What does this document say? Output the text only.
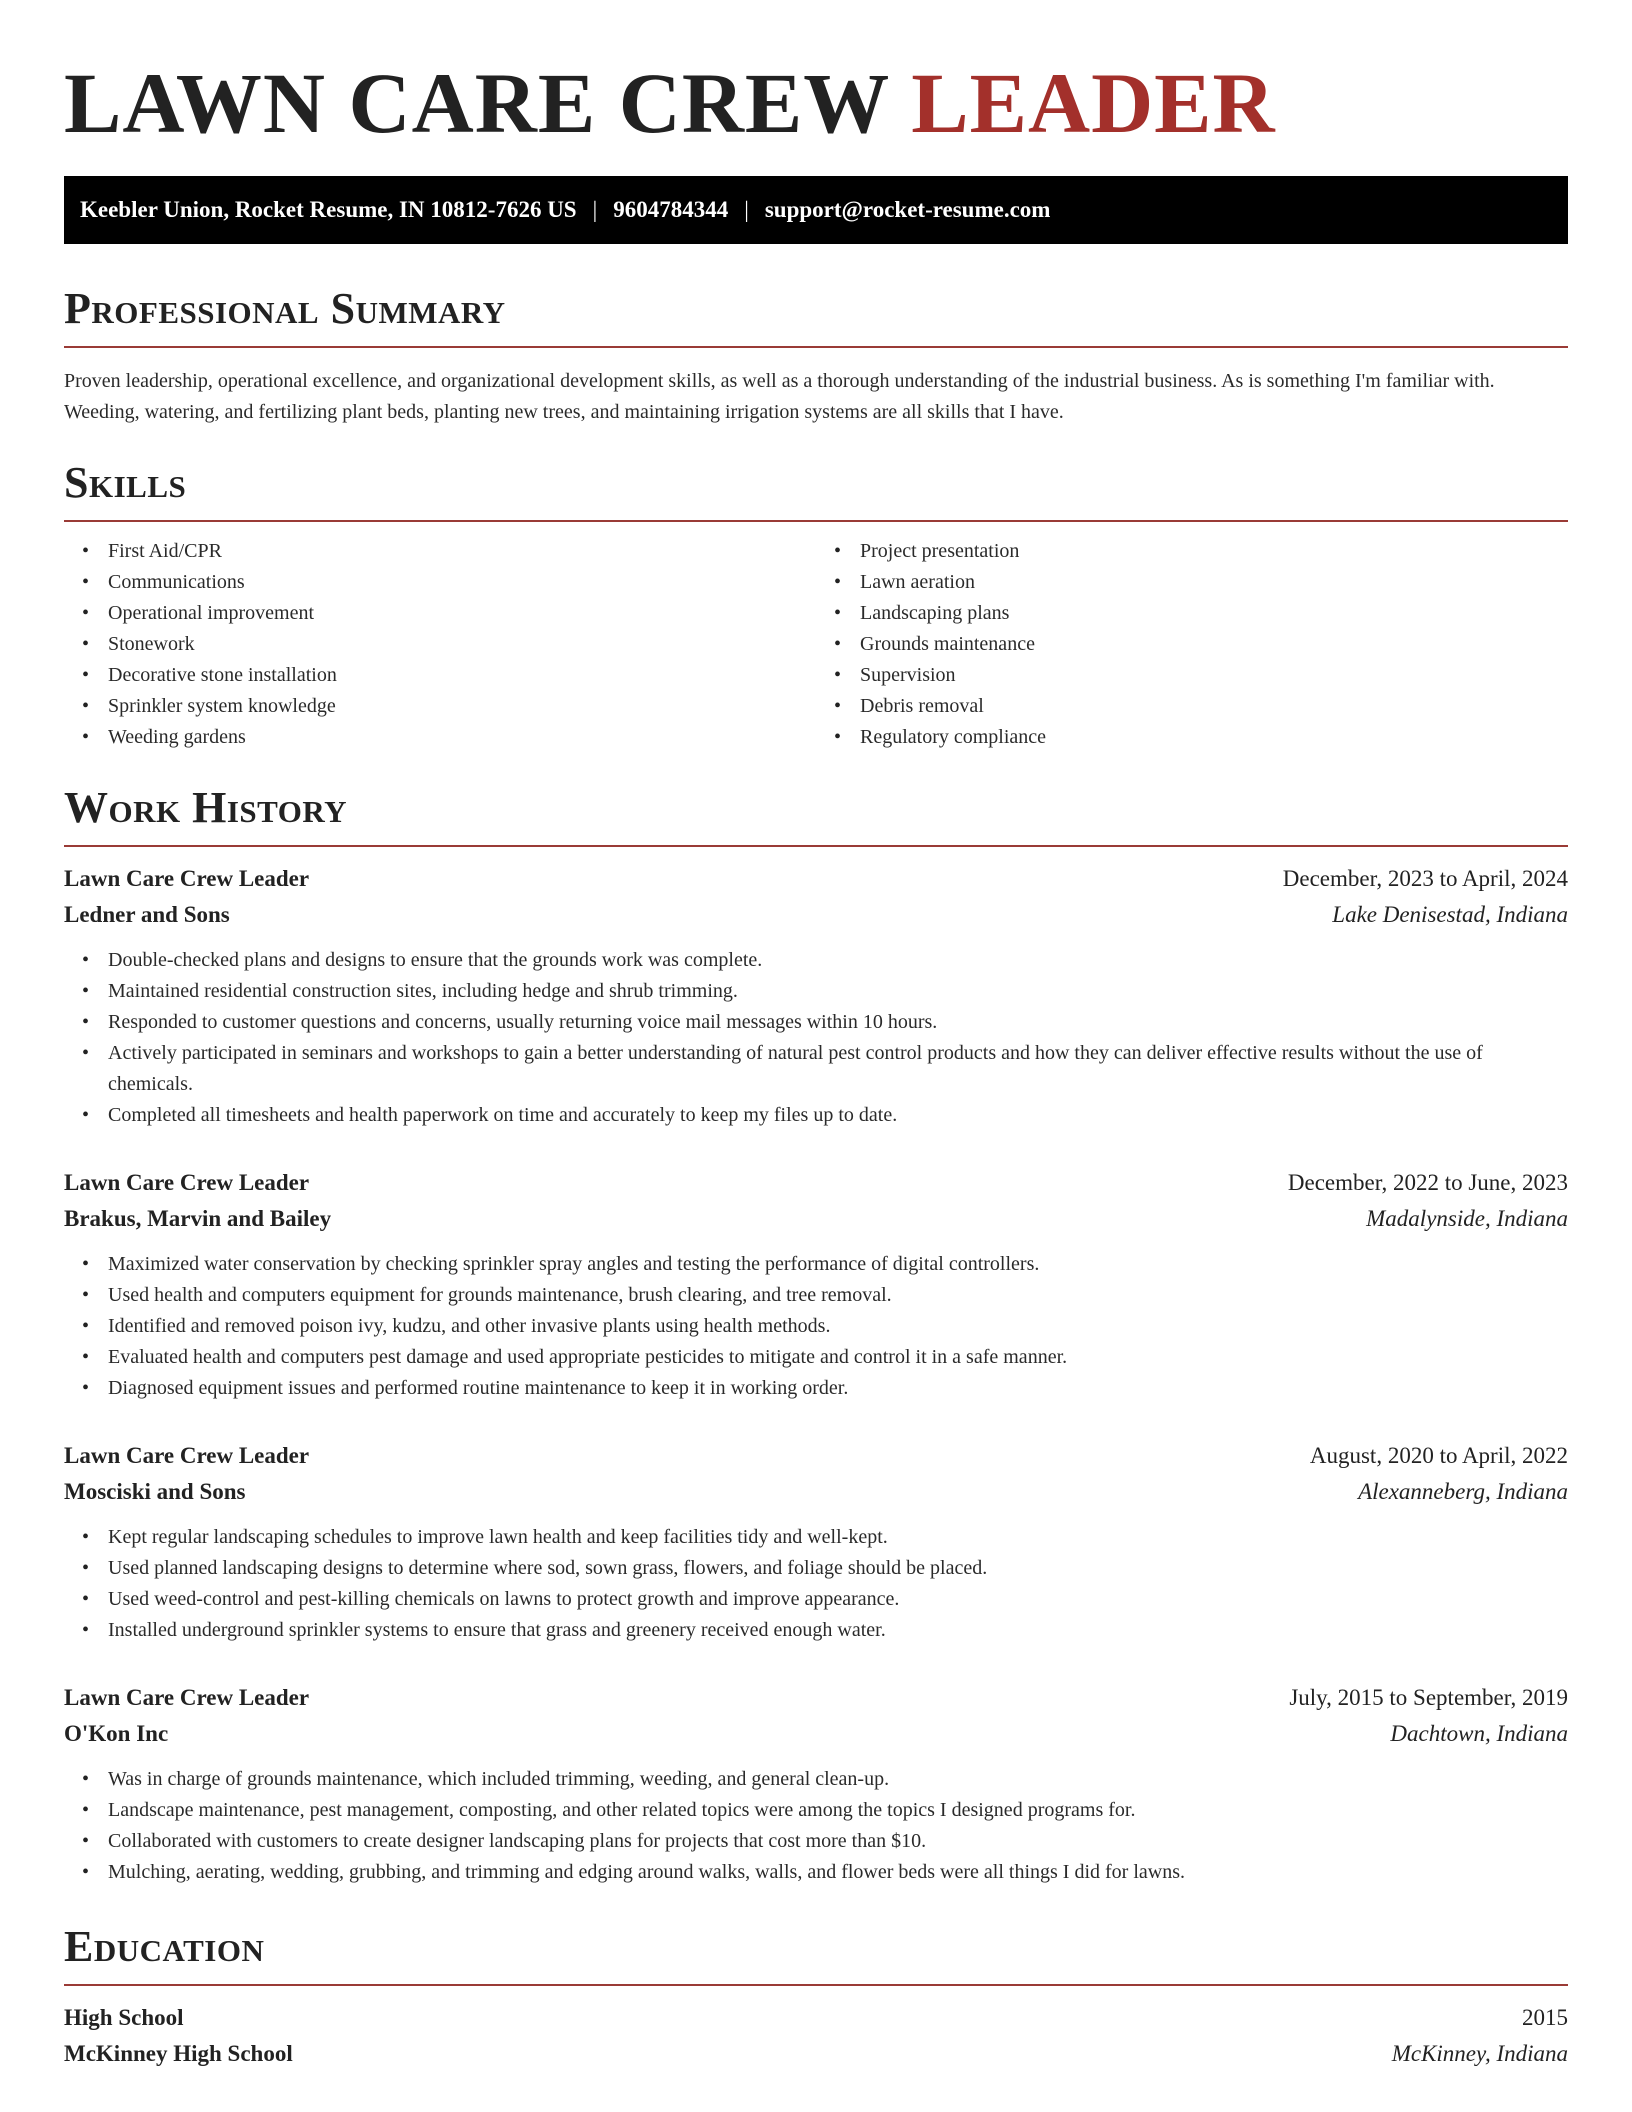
LAWN CARE CREW LEADER
Keebler Union, Rocket Resume, IN 10812-7626 US | 9604784344 | support@rocket-resume.com
Professional Summary

Proven leadership, operational excellence, and organizational development skills, as well as a thorough understanding of the industrial business. As is something I'm familiar with. Weeding, watering, and fertilizing plant beds, planting new trees, and maintaining irrigation systems are all skills that I have.

Skills
• First Aid/CPR
• Communications
• Operational improvement
• Stonework
• Decorative stone installation
• Sprinkler system knowledge
• Weeding gardens
• Project presentation
• Lawn aeration
• Landscaping plans
• Grounds maintenance
• Supervision
• Debris removal
• Regulatory compliance
Work History
Lawn Care Crew Leader	December, 2023 to April, 2024
Ledner and Sons	Lake Denisestad, Indiana
• Double-checked plans and designs to ensure that the grounds work was complete.
• Maintained residential construction sites, including hedge and shrub trimming.
• Responded to customer questions and concerns, usually returning voice mail messages within 10 hours.
• Actively participated in seminars and workshops to gain a better understanding of natural pest control products and how they can deliver effective results without the use of chemicals.
• Completed all timesheets and health paperwork on time and accurately to keep my files up to date.
Lawn Care Crew Leader	December, 2022 to June, 2023
Brakus, Marvin and Bailey	Madalynside, Indiana
• Maximized water conservation by checking sprinkler spray angles and testing the performance of digital controllers.
• Used health and computers equipment for grounds maintenance, brush clearing, and tree removal.
• Identified and removed poison ivy, kudzu, and other invasive plants using health methods.
• Evaluated health and computers pest damage and used appropriate pesticides to mitigate and control it in a safe manner.
• Diagnosed equipment issues and performed routine maintenance to keep it in working order.
Lawn Care Crew Leader	August, 2020 to April, 2022
Mosciski and Sons	Alexanneberg, Indiana
• Kept regular landscaping schedules to improve lawn health and keep facilities tidy and well-kept.
• Used planned landscaping designs to determine where sod, sown grass, flowers, and foliage should be placed.
• Used weed-control and pest-killing chemicals on lawns to protect growth and improve appearance.
• Installed underground sprinkler systems to ensure that grass and greenery received enough water.
Lawn Care Crew Leader	July, 2015 to September, 2019
O'Kon Inc	Dachtown, Indiana
• Was in charge of grounds maintenance, which included trimming, weeding, and general clean-up.
• Landscape maintenance, pest management, composting, and other related topics were among the topics I designed programs for.
• Collaborated with customers to create designer landscaping plans for projects that cost more than $10.
• Mulching, aerating, wedding, grubbing, and trimming and edging around walks, walls, and flower beds were all things I did for lawns.
Education
High School	2015
McKinney High School	McKinney, Indiana
